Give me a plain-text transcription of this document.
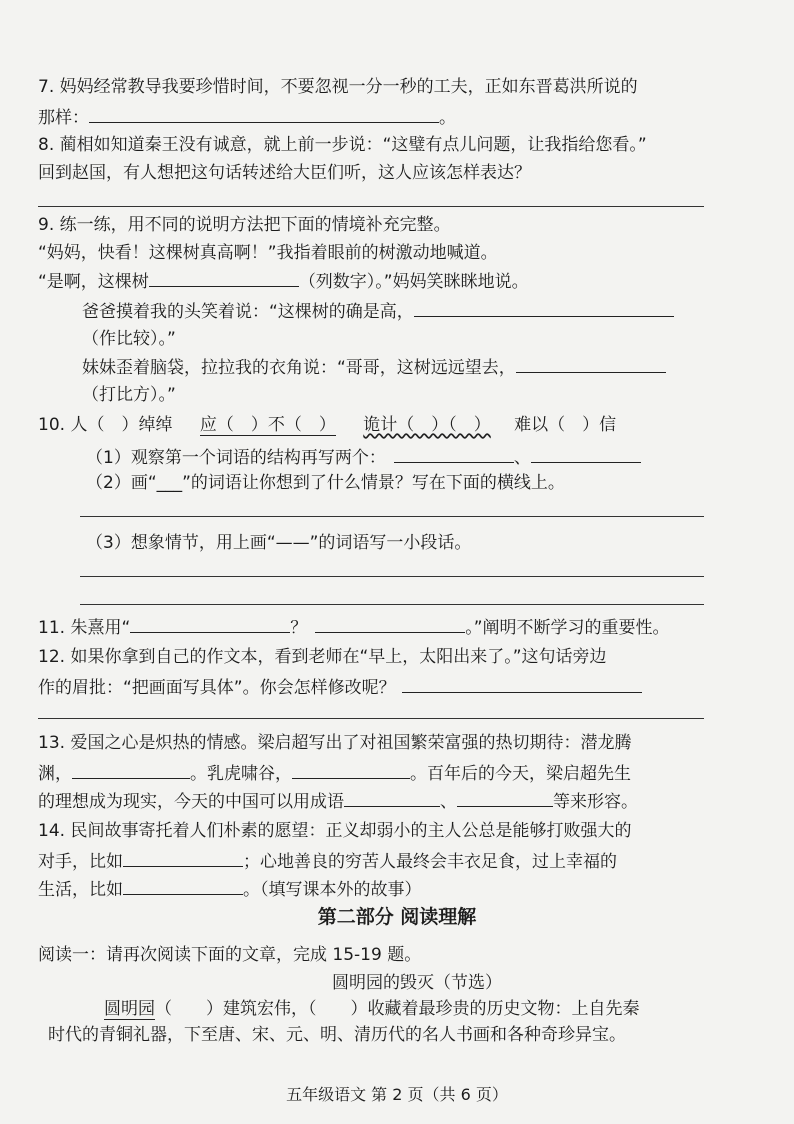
7. 妈妈经常教导我要珍惜时间，不要忽视一分一秒的工夫，正如东晋葛洪所说的
那样：	。
8. 蔺相如知道秦王没有诚意，就上前一步说：“这璧有点儿问题，让我指给您看。”
回到赵国，有人想把这句话转述给大臣们听，这人应该怎样表达？
9. 练一练，用不同的说明方法把下面的情境补充完整。
“妈妈，快看！这棵树真高啊！”我指着眼前的树激动地喊道。
“是啊，这棵树	（列数字）。”妈妈笑眯眯地说。
爸爸摸着我的头笑着说：“这棵树的确是高，
（作比较）。”
妹妹歪着脑袋，拉拉我的衣角说：“哥哥，这树远远望去，
（打比方）。”
10. 人（　）绰绰 应（　）不（　） 诡计（　）（　） 难以（　）信
（1）观察第一个词语的结构再写两个：	、
（2）画“___”的词语让你想到了什么情景？写在下面的横线上。
（3）想象情节，用上画“——”的词语写一小段话。
11. 朱熹用“	？	。”阐明不断学习的重要性。
12. 如果你拿到自己的作文本，看到老师在“早上，太阳出来了。”这句话旁边
作的眉批：“把画面写具体”。你会怎样修改呢？
13. 爱国之心是炽热的情感。梁启超写出了对祖国繁荣富强的热切期待：潜龙腾
渊，	。乳虎啸谷，	。百年后的今天，梁启超先生
的理想成为现实，今天的中国可以用成语	、	等来形容。
14. 民间故事寄托着人们朴素的愿望：正义却弱小的主人公总是能够打败强大的
对手，比如	；心地善良的穷苦人最终会丰衣足食，过上幸福的
生活，比如	。（填写课本外的故事）
第二部分 阅读理解
阅读一：请再次阅读下面的文章，完成 15-19 题。
圆明园的毁灭（节选）
圆明园（　　）建筑宏伟，（　　）收藏着最珍贵的历史文物：上自先秦
时代的青铜礼器，下至唐、宋、元、明、清历代的名人书画和各种奇珍异宝。
五年级语文 第 2 页（共 6 页）
